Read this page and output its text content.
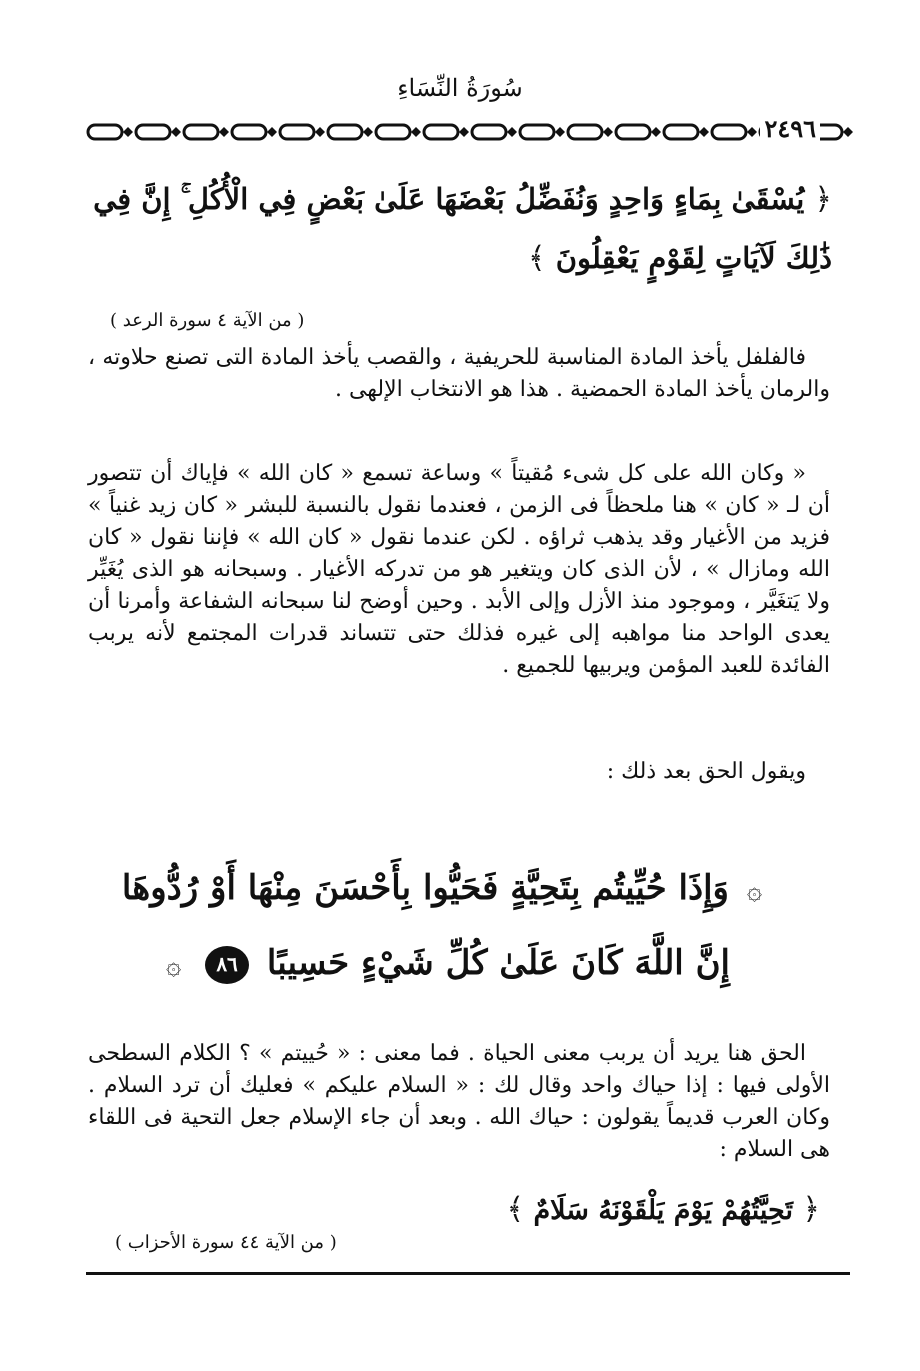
سُورَةُ النِّسَاءِ
٢٤٩٦
﴿ يُسْقَىٰ بِمَاءٍ وَاحِدٍ وَنُفَضِّلُ بَعْضَهَا عَلَىٰ بَعْضٍ فِي الْأُكُلِ ۚ إِنَّ فِي ذَٰلِكَ لَآيَاتٍ لِقَوْمٍ يَعْقِلُونَ ﴾
( من الآية ٤ سورة الرعد )
فالفلفل يأخذ المادة المناسبة للحريفية ، والقصب يأخذ المادة التى تصنع حلاوته ، والرمان يأخذ المادة الحمضية . هذا هو الانتخاب الإلهى .
« وكان الله على كل شىء مُقيتاً » وساعة تسمع « كان الله » فإياك أن تتصور أن لـ « كان » هنا ملحظاً فى الزمن ، فعندما نقول بالنسبة للبشر « كان زيد غنياً » فزيد من الأغيار وقد يذهب ثراؤه . لكن عندما نقول « كان الله » فإننا نقول « كان الله ومازال » ، لأن الذى كان ويتغير هو من تدركه الأغيار . وسبحانه هو الذى يُغَيِّر ولا يَتغَيَّر ، وموجود منذ الأزل وإلى الأبد . وحين أوضح لنا سبحانه الشفاعة وأمرنا أن يعدى الواحد منا مواهبه إلى غيره فذلك حتى تتساند قدرات المجتمع لأنه يربب الفائدة للعبد المؤمن ويربيها للجميع .
ويقول الحق بعد ذلك :
۞ وَإِذَا حُيِّيتُم بِتَحِيَّةٍ فَحَيُّوا بِأَحْسَنَ مِنْهَا أَوْ رُدُّوهَا
إِنَّ اللَّهَ كَانَ عَلَىٰ كُلِّ شَيْءٍ حَسِيبًا ٨٦ ۞
الحق هنا يريد أن يربب معنى الحياة . فما معنى : « حُييتم » ؟ الكلام السطحى الأولى فيها : إذا حياك واحد وقال لك : « السلام عليكم » فعليك أن ترد السلام . وكان العرب قديماً يقولون : حياك الله . وبعد أن جاء الإسلام جعل التحية فى اللقاء هى السلام :
﴿ تَحِيَّتُهُمْ يَوْمَ يَلْقَوْنَهُ سَلَامٌ ﴾
( من الآية ٤٤ سورة الأحزاب )
